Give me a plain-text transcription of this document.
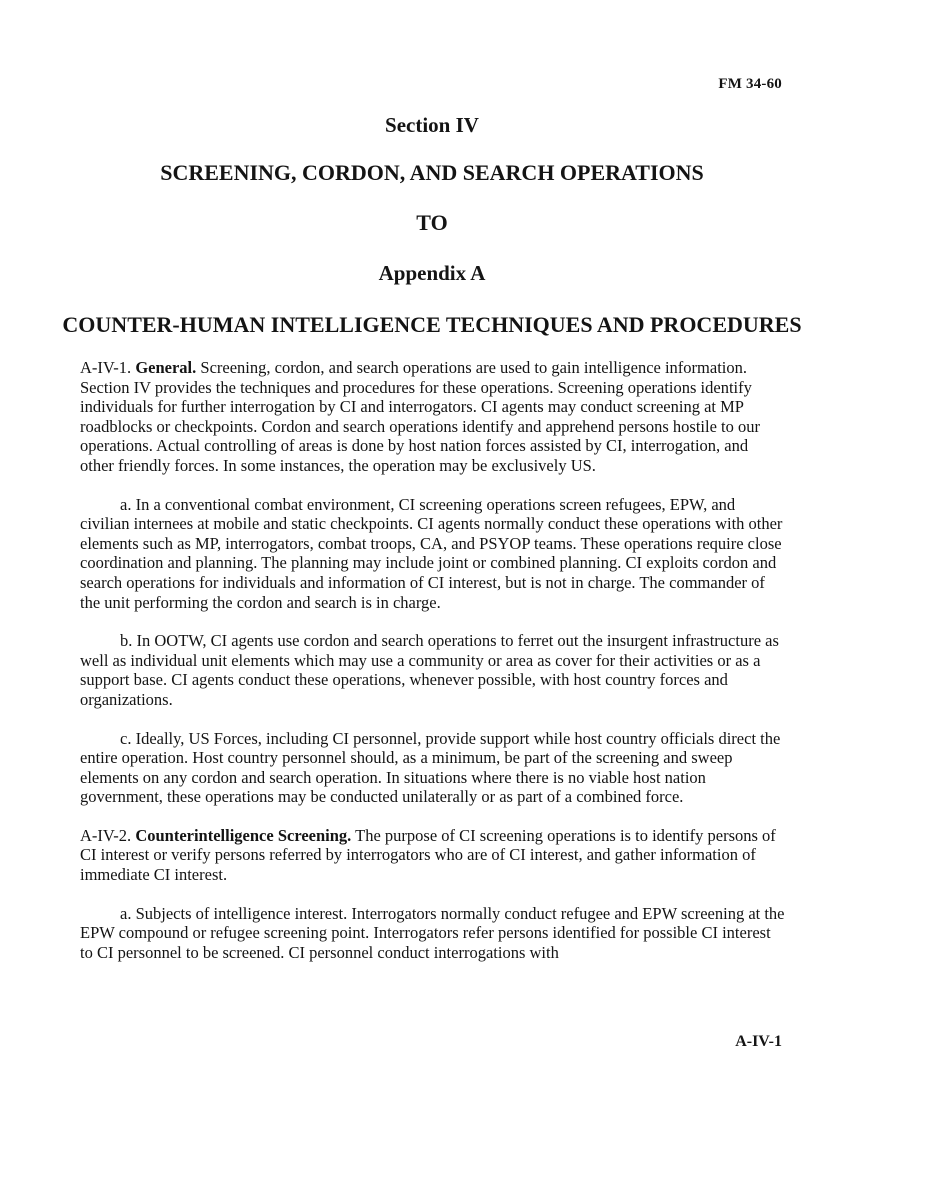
FM 34-60
Section IV
SCREENING, CORDON, AND SEARCH OPERATIONS
TO
Appendix A
COUNTER-HUMAN INTELLIGENCE TECHNIQUES AND PROCEDURES

A-IV-1. General. Screening, cordon, and search operations are used to gain intelligence information. Section IV provides the techniques and procedures for these operations. Screening operations identify individuals for further interrogation by CI and interrogators. CI agents may conduct screening at MP roadblocks or checkpoints. Cordon and search operations identify and apprehend persons hostile to our operations. Actual controlling of areas is done by host nation forces assisted by CI, interrogation, and other friendly forces. In some instances, the operation may be exclusively US.

a. In a conventional combat environment, CI screening operations screen refugees, EPW, and civilian internees at mobile and static checkpoints. CI agents normally conduct these operations with other elements such as MP, interrogators, combat troops, CA, and PSYOP teams. These operations require close coordination and planning. The planning may include joint or combined planning. CI exploits cordon and search operations for individuals and information of CI interest, but is not in charge. The commander of the unit performing the cordon and search is in charge.

b. In OOTW, CI agents use cordon and search operations to ferret out the insurgent infrastructure as well as individual unit elements which may use a community or area as cover for their activities or as a support base. CI agents conduct these operations, whenever possible, with host country forces and organizations.

c. Ideally, US Forces, including CI personnel, provide support while host country officials direct the entire operation. Host country personnel should, as a minimum, be part of the screening and sweep elements on any cordon and search operation. In situations where there is no viable host nation government, these operations may be conducted unilaterally or as part of a combined force.

A-IV-2. Counterintelligence Screening. The purpose of CI screening operations is to identify persons of CI interest or verify persons referred by interrogators who are of CI interest, and gather information of immediate CI interest.

a. Subjects of intelligence interest. Interrogators normally conduct refugee and EPW screening at the EPW compound or refugee screening point. Interrogators refer persons identified for possible CI interest to CI personnel to be screened. CI personnel conduct interrogations with

A-IV-1
